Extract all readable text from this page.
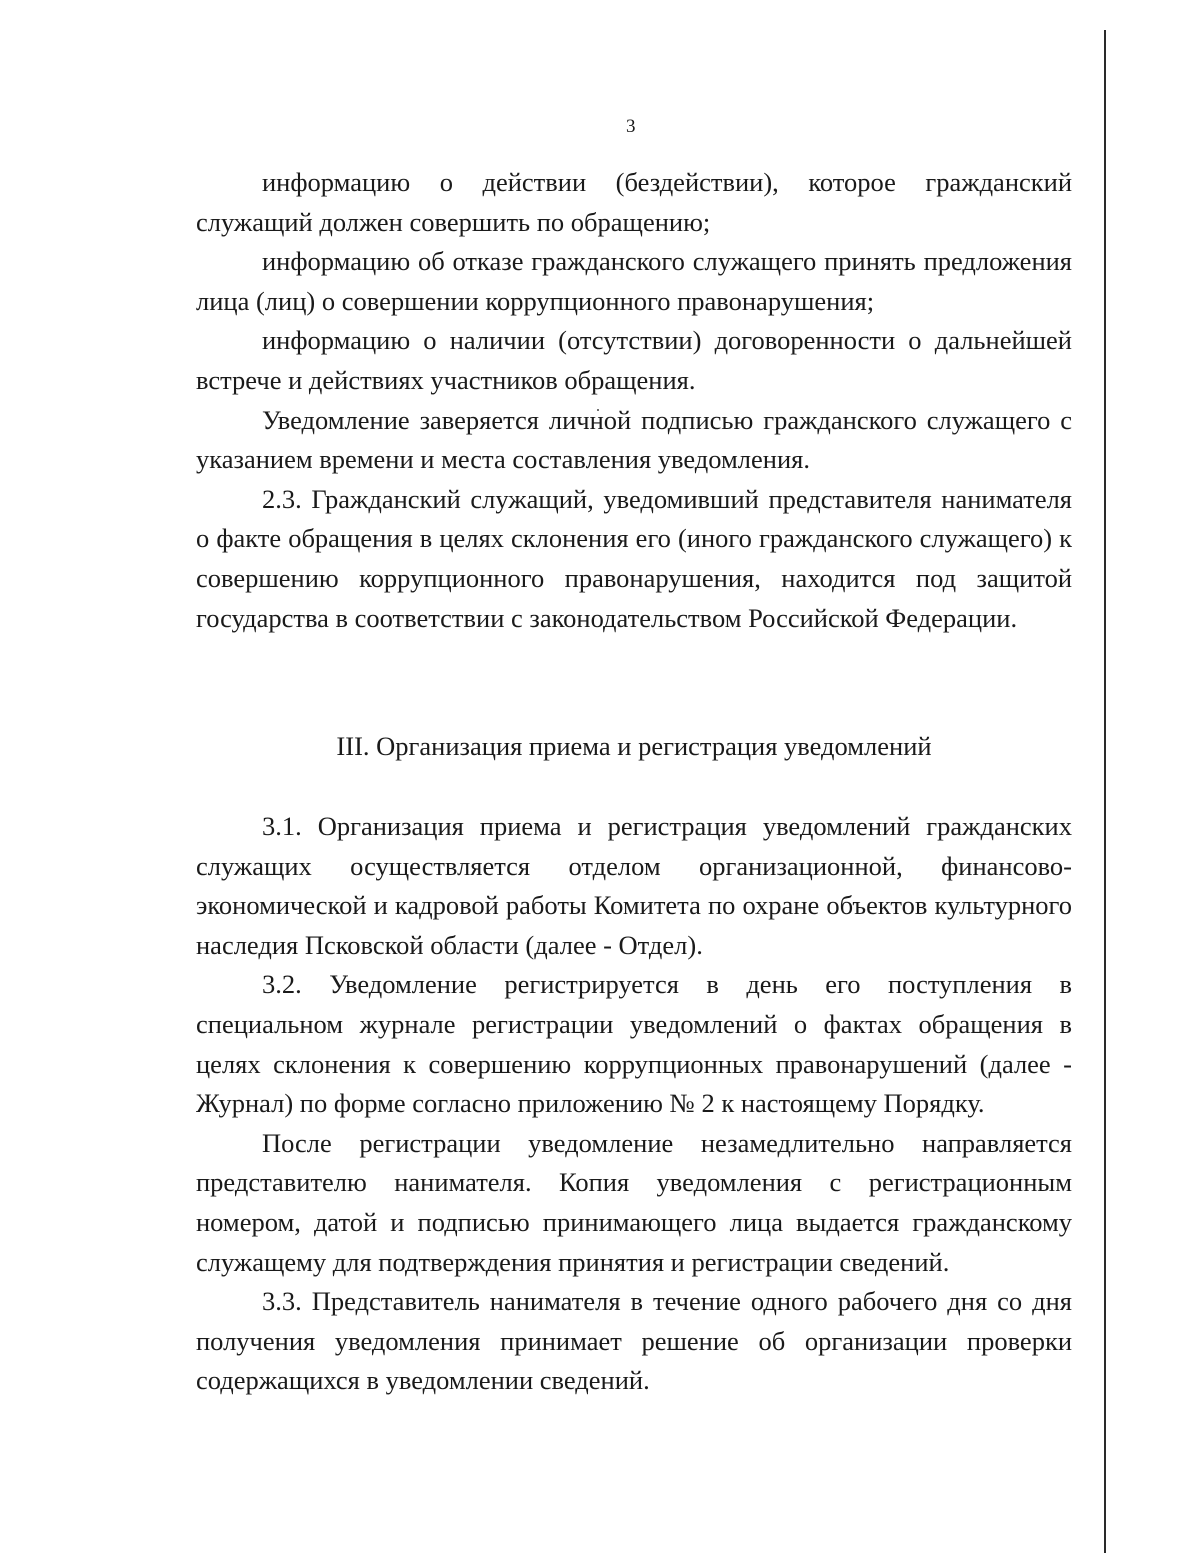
3

информацию о действии (бездействии), которое гражданский служащий должен совершить по обращению;

информацию об отказе гражданского служащего принять предложения лица (лиц) о совершении коррупционного правонарушения;

информацию о наличии (отсутствии) договоренности о дальнейшей встрече и действиях участников обращения.

Уведомление заверяется личной подписью гражданского служащего с указанием времени и места составления уведомления.

2.3. Гражданский служащий, уведомивший представителя нанимателя о факте обращения в целях склонения его (иного гражданского служащего) к совершению коррупционного правонарушения, находится под защитой государства в соответствии с законодательством Российской Федерации.

III. Организация приема и регистрация уведомлений

3.1. Организация приема и регистрация уведомлений гражданских служащих осуществляется отделом организационной, финансово-экономической и кадровой работы Комитета по охране объектов культурного наследия Псковской области (далее - Отдел).

3.2. Уведомление регистрируется в день его поступления в специальном журнале регистрации уведомлений о фактах обращения в целях склонения к совершению коррупционных правонарушений (далее - Журнал) по форме согласно приложению № 2 к настоящему Порядку.

После регистрации уведомление незамедлительно направляется представителю нанимателя. Копия уведомления с регистрационным номером, датой и подписью принимающего лица выдается гражданскому служащему для подтверждения принятия и регистрации сведений.

3.3. Представитель нанимателя в течение одного рабочего дня со дня получения уведомления принимает решение об организации проверки содержащихся в уведомлении сведений.
